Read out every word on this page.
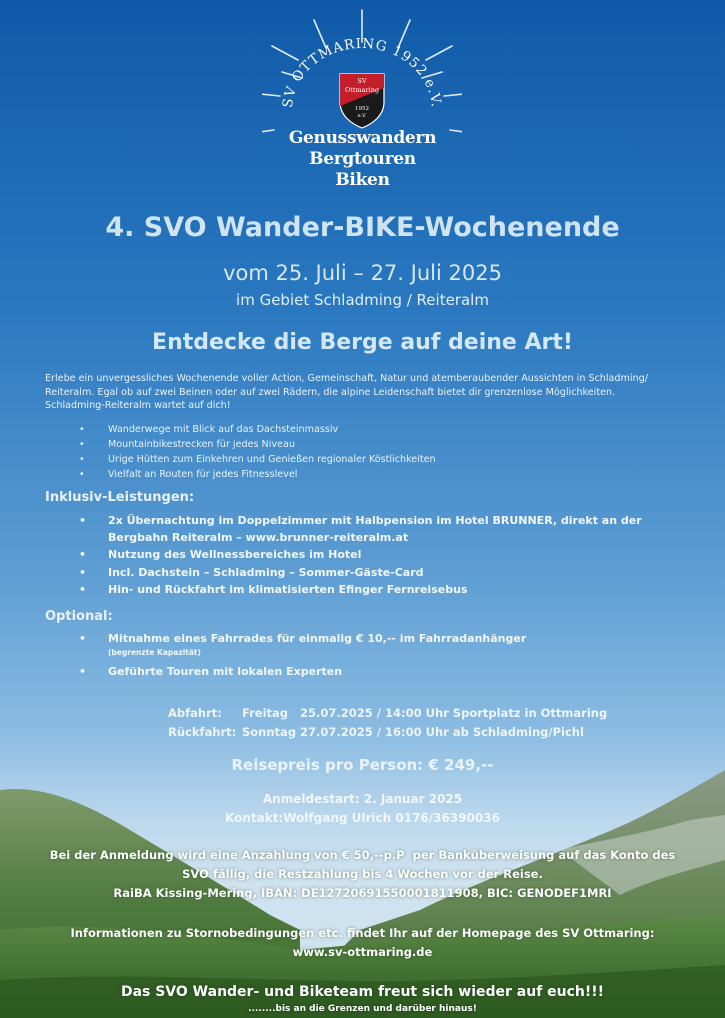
SV OTTMARING 1952 e.V.
SV
Ottmaring
1952
e.V.
Genusswandern
Bergtouren
Biken
4. SVO Wander-BIKE-Wochenende
vom 25. Juli – 27. Juli 2025
im Gebiet Schladming / Reiteralm
Entdecke die Berge auf deine Art!
Erlebe ein unvergessliches Wochenende voller Action, Gemeinschaft, Natur und atemberaubender Aussichten in Schladming/
Reiteralm. Egal ob auf zwei Beinen oder auf zwei Rädern, die alpine Leidenschaft bietet dir grenzenlose Möglichkeiten.
Schladming-Reiteralm wartet auf dich!
• Wanderwege mit Blick auf das Dachsteinmassiv
• Mountainbikestrecken für jedes Niveau
• Urige Hütten zum Einkehren und Genießen regionaler Köstlichkeiten
• Vielfalt an Routen für jedes Fitnesslevel
Inklusiv-Leistungen:
• 2x Übernachtung im Doppelzimmer mit Halbpension im Hotel BRUNNER, direkt an der
Bergbahn Reiteralm – www.brunner-reiteralm.at
• Nutzung des Wellnessbereiches im Hotel
• Incl. Dachstein – Schladming – Sommer-Gäste-Card
• Hin- und Rückfahrt im klimatisierten Efinger Fernreisebus
Optional:
• Mitnahme eines Fahrrades für einmalig € 10,-- im Fahrradanhänger
(begrenzte Kapazität)
• Geführte Touren mit lokalen Experten
Abfahrt: Freitag   25.07.2025 / 14:00 Uhr Sportplatz in Ottmaring
Rückfahrt: Sonntag 27.07.2025 / 16:00 Uhr ab Schladming/Pichl
Reisepreis pro Person: € 249,--
Anmeldestart: 2. Januar 2025
Kontakt:Wolfgang Ulrich 0176/36390036
Bei der Anmeldung wird eine Anzahlung von € 50,--p.P  per Banküberweisung auf das Konto des
SVO fällig, die Restzahlung bis 4 Wochen vor der Reise.
RaiBA Kissing-Mering, IBAN: DE12720691550001811908, BIC: GENODEF1MRI
Informationen zu Stornobedingungen etc. findet Ihr auf der Homepage des SV Ottmaring:
www.sv-ottmaring.de
Das SVO Wander- und Biketeam freut sich wieder auf euch!!!
........bis an die Grenzen und darüber hinaus!
